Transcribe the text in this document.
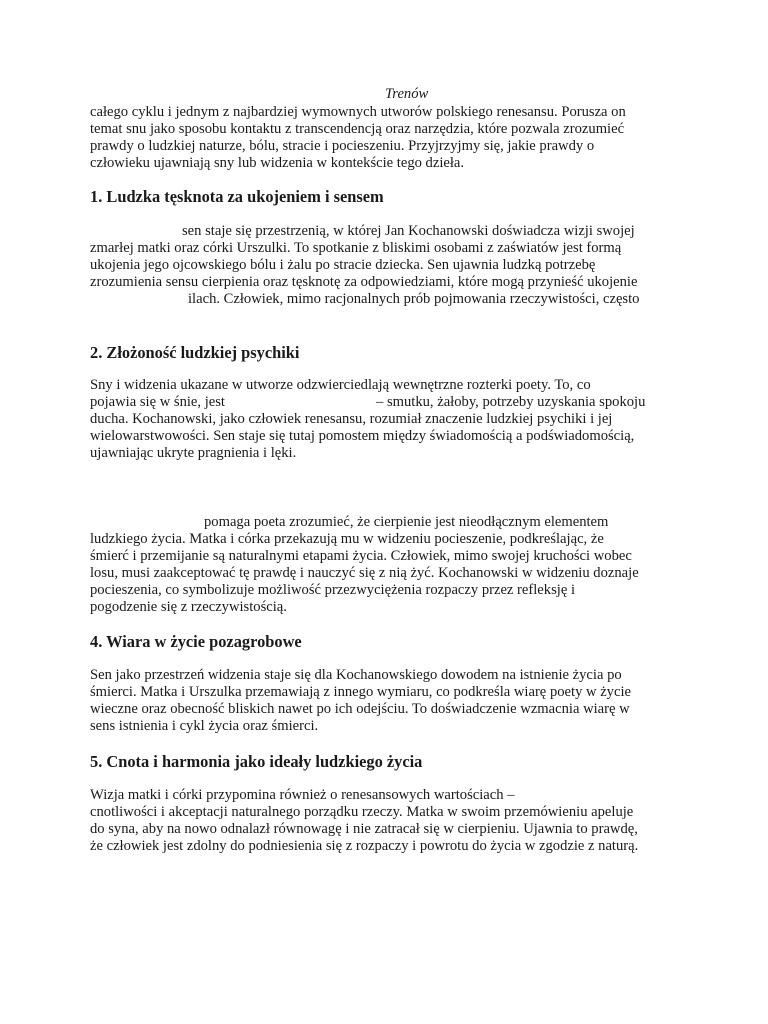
Trenów
całego cyklu i jednym z najbardziej wymownych utworów polskiego renesansu. Porusza on
temat snu jako sposobu kontaktu z transcendencją oraz narzędzia, które pozwala zrozumieć
prawdy o ludzkiej naturze, bólu, stracie i pocieszeniu. Przyjrzyjmy się, jakie prawdy o
człowieku ujawniają sny lub widzenia w kontekście tego dzieła.
1. Ludzka tęsknota za ukojeniem i sensem
sen staje się przestrzenią, w której Jan Kochanowski doświadcza wizji swojej
zmarłej matki oraz córki Urszulki. To spotkanie z bliskimi osobami z zaświatów jest formą
ukojenia jego ojcowskiego bólu i żalu po stracie dziecka. Sen ujawnia ludzką potrzebę
zrozumienia sensu cierpienia oraz tęsknotę za odpowiedziami, które mogą przynieść ukojenie
ilach. Człowiek, mimo racjonalnych prób pojmowania rzeczywistości, często
2. Złożoność ludzkiej psychiki
Sny i widzenia ukazane w utworze odzwierciedlają wewnętrzne rozterki poety. To, co
pojawia się w śnie, jest	– smutku, żałoby, potrzeby uzyskania spokoju
ducha. Kochanowski, jako człowiek renesansu, rozumiał znaczenie ludzkiej psychiki i jej
wielowarstwowości. Sen staje się tutaj pomostem między świadomością a podświadomością,
ujawniając ukryte pragnienia i lęki.
pomaga poeta zrozumieć, że cierpienie jest nieodłącznym elementem
ludzkiego życia. Matka i córka przekazują mu w widzeniu pocieszenie, podkreślając, że
śmierć i przemijanie są naturalnymi etapami życia. Człowiek, mimo swojej kruchości wobec
losu, musi zaakceptować tę prawdę i nauczyć się z nią żyć. Kochanowski w widzeniu doznaje
pocieszenia, co symbolizuje możliwość przezwyciężenia rozpaczy przez refleksję i
pogodzenie się z rzeczywistością.
4. Wiara w życie pozagrobowe
Sen jako przestrzeń widzenia staje się dla Kochanowskiego dowodem na istnienie życia po
śmierci. Matka i Urszulka przemawiają z innego wymiaru, co podkreśla wiarę poety w życie
wieczne oraz obecność bliskich nawet po ich odejściu. To doświadczenie wzmacnia wiarę w
sens istnienia i cykl życia oraz śmierci.
5. Cnota i harmonia jako ideały ludzkiego życia
Wizja matki i córki przypomina również o renesansowych wartościach –
cnotliwości i akceptacji naturalnego porządku rzeczy. Matka w swoim przemówieniu apeluje
do syna, aby na nowo odnalazł równowagę i nie zatracał się w cierpieniu. Ujawnia to prawdę,
że człowiek jest zdolny do podniesienia się z rozpaczy i powrotu do życia w zgodzie z naturą.
